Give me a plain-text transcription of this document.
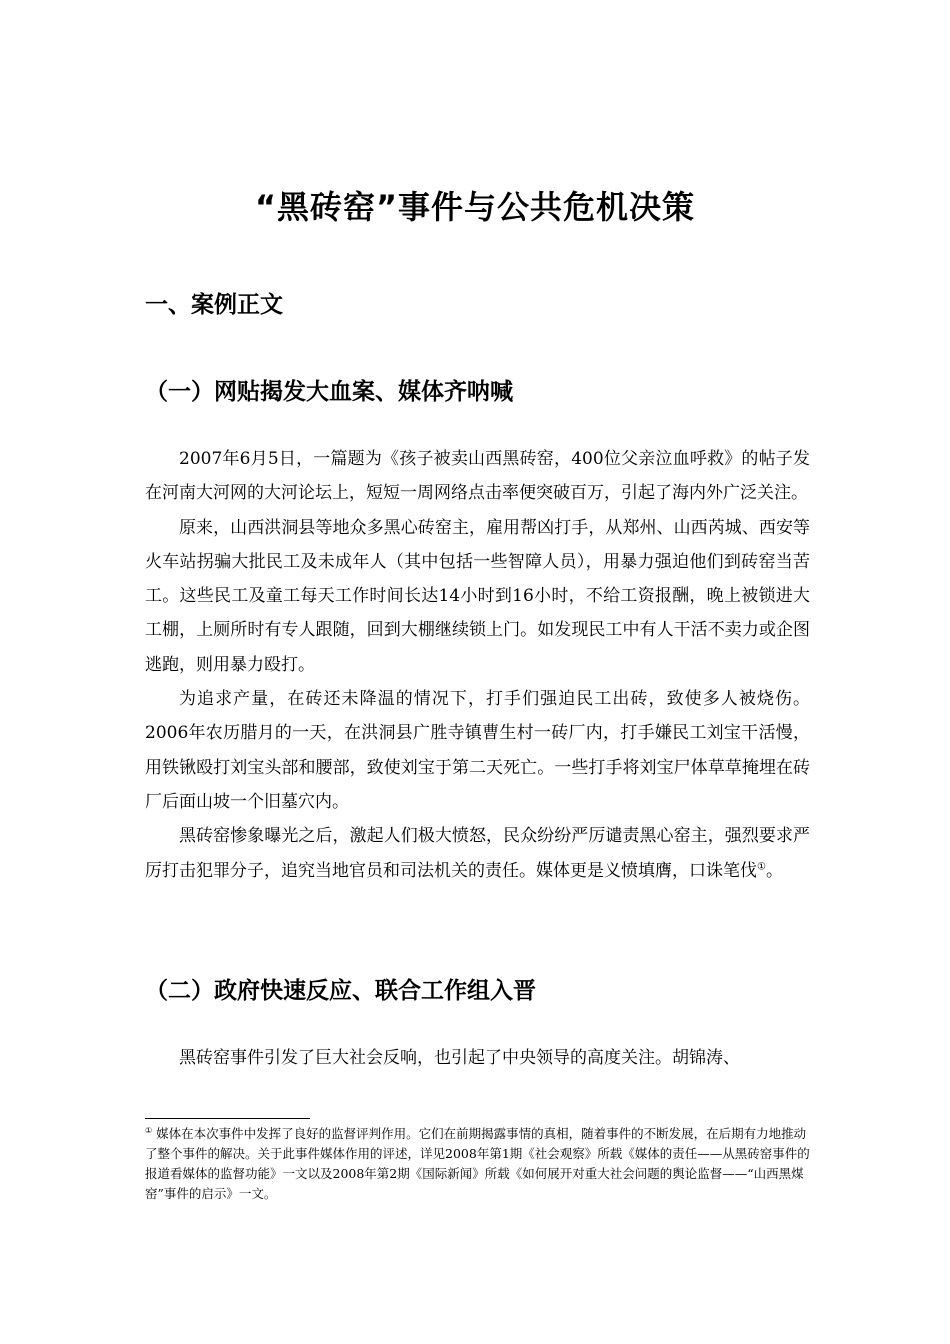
“黑砖窑”事件与公共危机决策
一、案例正文
（一）网贴揭发大血案、媒体齐呐喊

2007年6月5日，一篇题为《孩子被卖山西黑砖窑，400位父亲泣血呼救》的帖子发在河南大河网的大河论坛上，短短一周网络点击率便突破百万，引起了海内外广泛关注。

原来，山西洪洞县等地众多黑心砖窑主，雇用帮凶打手，从郑州、山西芮城、西安等火车站拐骗大批民工及未成年人（其中包括一些智障人员），用暴力强迫他们到砖窑当苦工。这些民工及童工每天工作时间长达14小时到16小时，不给工资报酬，晚上被锁进大工棚，上厕所时有专人跟随，回到大棚继续锁上门。如发现民工中有人干活不卖力或企图逃跑，则用暴力殴打。

为追求产量，在砖还未降温的情况下，打手们强迫民工出砖，致使多人被烧伤。2006年农历腊月的一天，在洪洞县广胜寺镇曹生村一砖厂内，打手嫌民工刘宝干活慢，用铁锹殴打刘宝头部和腰部，致使刘宝于第二天死亡。一些打手将刘宝尸体草草掩埋在砖厂后面山坡一个旧墓穴内。

黑砖窑惨象曝光之后，激起人们极大愤怒，民众纷纷严厉谴责黑心窑主，强烈要求严厉打击犯罪分子，追究当地官员和司法机关的责任。媒体更是义愤填膺，口诛笔伐①。

（二）政府快速反应、联合工作组入晋

黑砖窑事件引发了巨大社会反响，也引起了中央领导的高度关注。胡锦涛、

① 媒体在本次事件中发挥了良好的监督评判作用。它们在前期揭露事情的真相，随着事件的不断发展，在后期有力地推动了整个事件的解决。关于此事件媒体作用的评述，详见2008年第1期《社会观察》所载《媒体的责任——从黑砖窑事件的报道看媒体的监督功能》一文以及2008年第2期《国际新闻》所载《如何展开对重大社会问题的舆论监督——“山西黑煤窑”事件的启示》一文。
